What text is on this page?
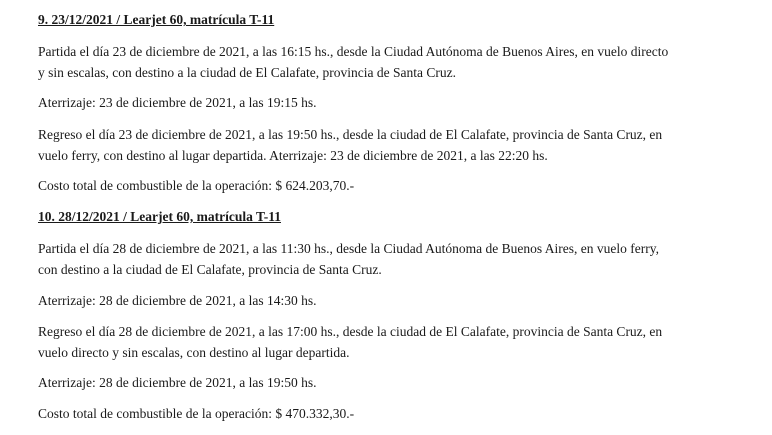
9. 23/12/2021 / Learjet 60, matrícula T-11
Partida el día 23 de diciembre de 2021, a las 16:15 hs., desde la Ciudad Autónoma de Buenos Aires, en vuelo directo
y sin escalas, con destino a la ciudad de El Calafate, provincia de Santa Cruz.
Aterrizaje: 23 de diciembre de 2021, a las 19:15 hs.
Regreso el día 23 de diciembre de 2021, a las 19:50 hs., desde la ciudad de El Calafate, provincia de Santa Cruz, en
vuelo ferry, con destino al lugar departida. Aterrizaje: 23 de diciembre de 2021, a las 22:20 hs.
Costo total de combustible de la operación: $ 624.203,70.-
10. 28/12/2021 / Learjet 60, matrícula T-11
Partida el día 28 de diciembre de 2021, a las 11:30 hs., desde la Ciudad Autónoma de Buenos Aires, en vuelo ferry,
con destino a la ciudad de El Calafate, provincia de Santa Cruz.
Aterrizaje: 28 de diciembre de 2021, a las 14:30 hs.
Regreso el día 28 de diciembre de 2021, a las 17:00 hs., desde la ciudad de El Calafate, provincia de Santa Cruz, en
vuelo directo y sin escalas, con destino al lugar departida.
Aterrizaje: 28 de diciembre de 2021, a las 19:50 hs.
Costo total de combustible de la operación: $ 470.332,30.-
